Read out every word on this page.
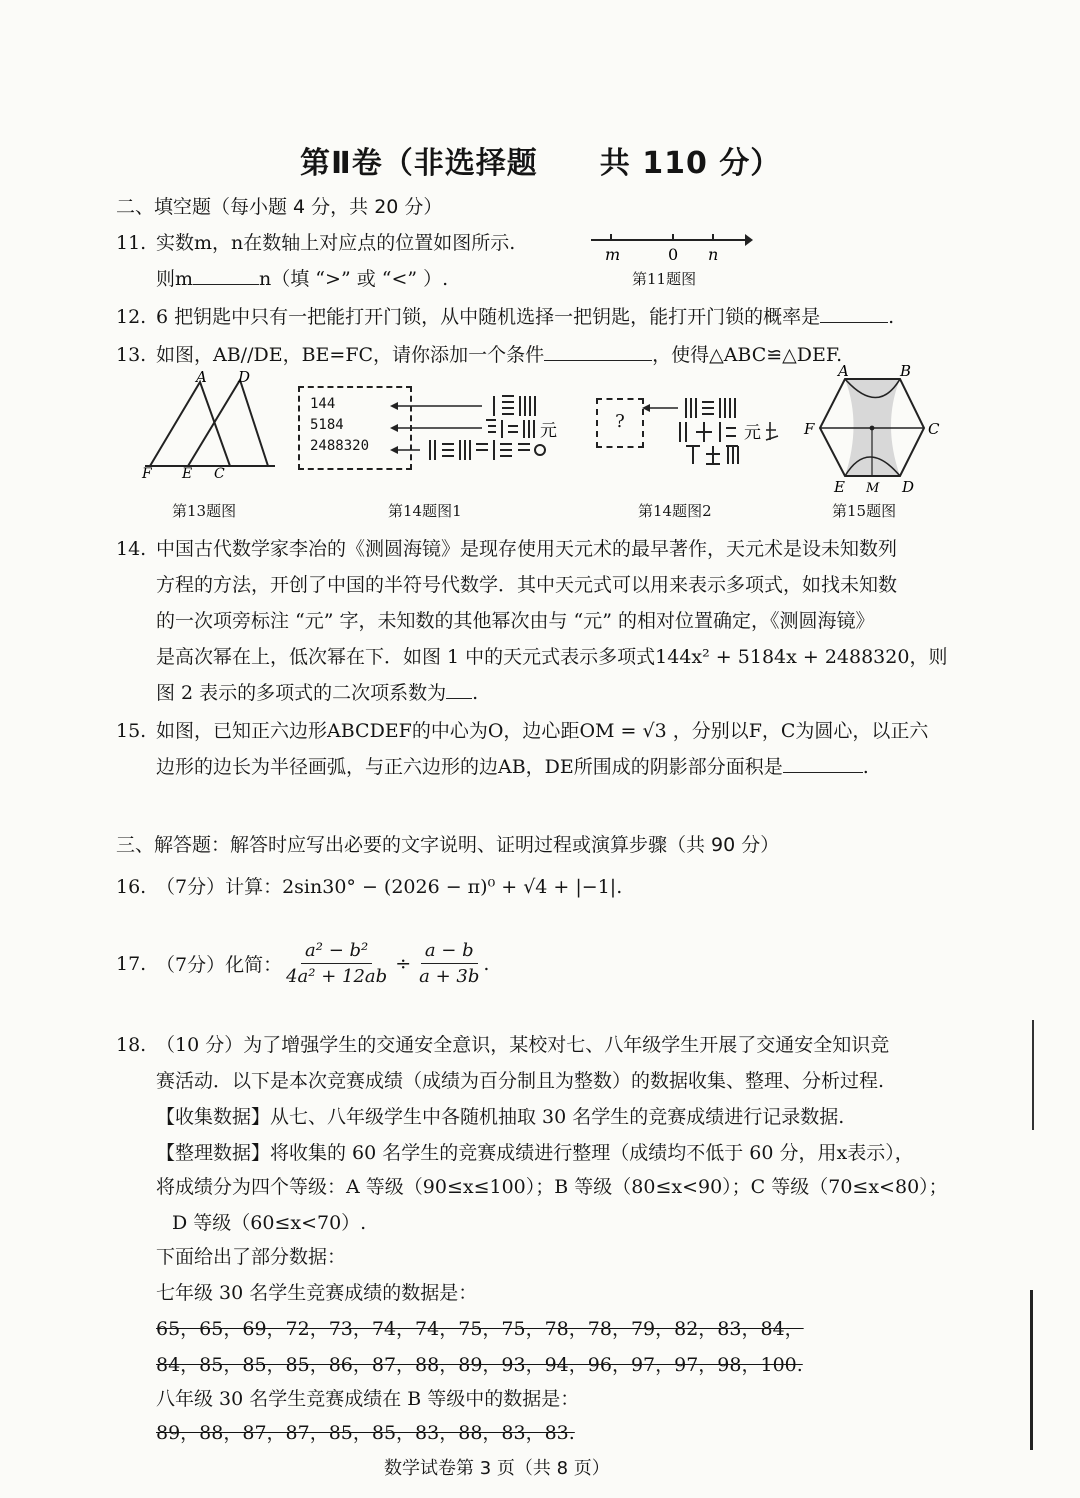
第Ⅱ卷（非选择题　　共 110 分）
二、填空题（每小题 4 分，共 20 分）
11. 实数m，n在数轴上对应点的位置如图所示.
则m	n（填 “>” 或 “<” ）.
m	0 n
第11题图
12. 6 把钥匙中只有一把能打开门锁，从中随机选择一把钥匙，能打开门锁的概率是	.
13. 如图，AB//DE，BE=FC，请你添加一个条件	，使得△ABC≌△DEF.
A D
F E C
第13题图
144
5184
2488320
元
第14题图1
?
元
第14题图2
A	B
C
D
E
F
M
第15题图
14. 中国古代数学家李冶的《测圆海镜》是现存使用天元术的最早著作，天元术是设未知数列
方程的方法，开创了中国的半符号代数学．其中天元式可以用来表示多项式，如找未知数
的一次项旁标注 “元” 字，未知数的其他幂次由与 “元” 的相对位置确定，《测圆海镜》
是高次幂在上，低次幂在下．如图 1 中的天元式表示多项式144x² + 5184x + 2488320，则
图 2 表示的多项式的二次项系数为 .
15. 如图，已知正六边形ABCDEF的中心为O，边心距OM = √3 ，分别以F，C为圆心，以正六
边形的边长为半径画弧，与正六边形的边AB，DE所围成的阴影部分面积是	.
三、解答题：解答时应写出必要的文字说明、证明过程或演算步骤（共 90 分）
16. （7分）计算：2sin30° − (2026 − π)⁰ + √4 + |−1|.
17. （7分）化简： $\frac{\text{a² − b²}}{\text{4a² + 12ab}} \div \frac{a - b}{a + 3b}$ .
18. （10 分）为了增强学生的交通安全意识，某校对七、八年级学生开展了交通安全知识竞
赛活动．以下是本次竞赛成绩（成绩为百分制且为整数）的数据收集、整理、分析过程.
【收集数据】从七、八年级学生中各随机抽取 30 名学生的竞赛成绩进行记录数据.
【整理数据】将收集的 60 名学生的竞赛成绩进行整理（成绩均不低于 60 分，用x表示），
将成绩分为四个等级：A 等级（90≤x≤100）；B 等级（80≤x<90）；C 等级（70≤x<80）；
D 等级（60≤x<70）.
下面给出了部分数据：
七年级 30 名学生竞赛成绩的数据是：
65，65，69，72，73，74，74，75，75，78，78，79，82，83，84，
84，85，85，85，86，87，88，89，93，94，96，97，97，98，100.
八年级 30 名学生竞赛成绩在 B 等级中的数据是：
89，88，87，87，85，85，83，88，83，83.
数学试卷第 3 页（共 8 页）
